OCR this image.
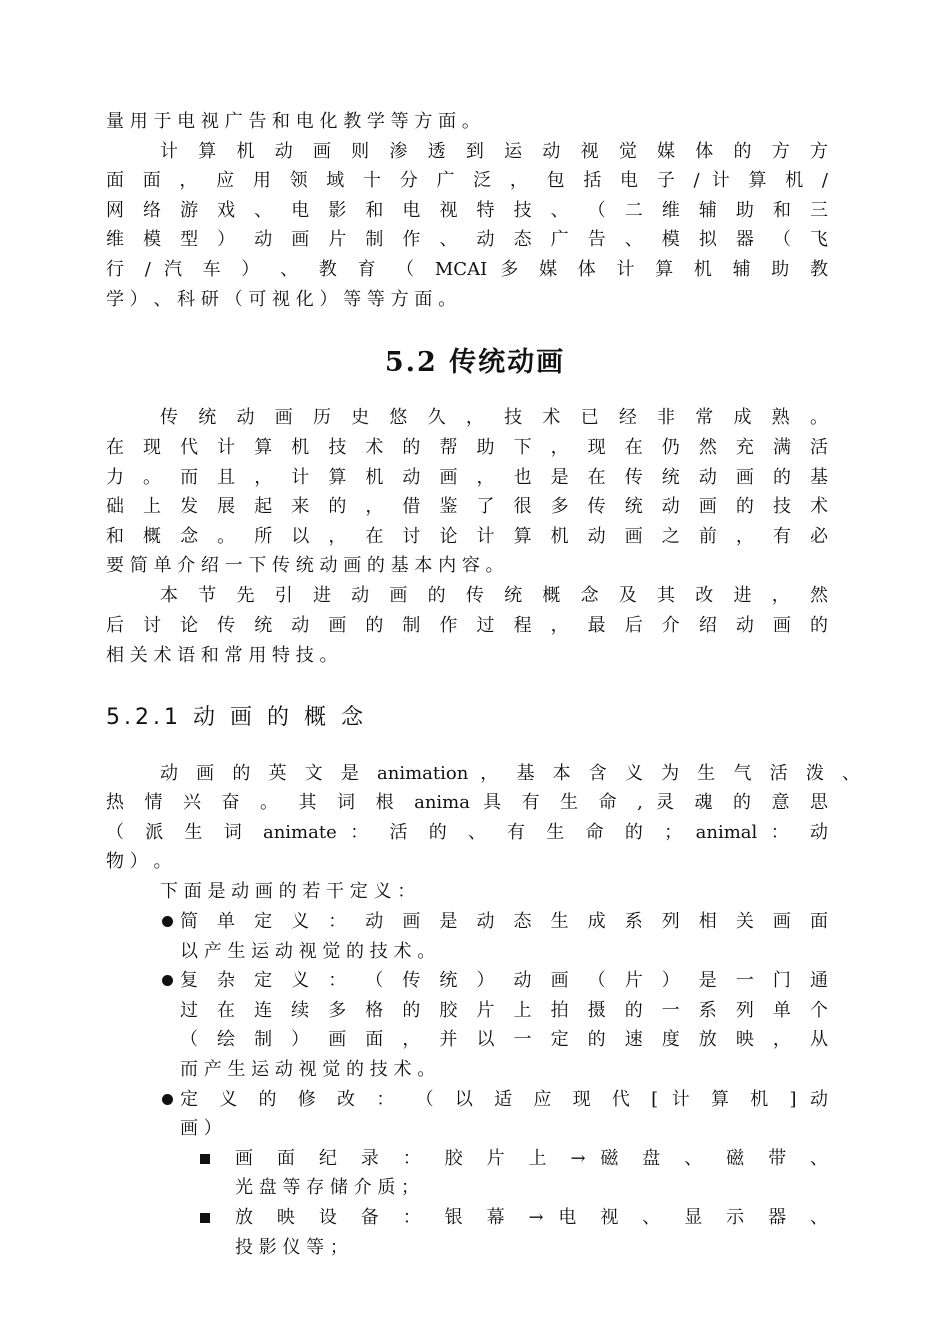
量 用 于 电 视 广 告 和 电 化 教 学 等 方 面 。
计 算 机 动 画 则 渗 透 到 运 动 视 觉 媒 体 的 方 方
面 面 ， 应 用 领 域 十 分 广 泛 ， 包 括 电 子 / 计 算 机 /
网 络 游 戏 、 电 影 和 电 视 特 技 、 （ 二 维 辅 助 和 三
维 模 型 ） 动 画 片 制 作 、 动 态 广 告 、 模 拟 器 （ 飞
行 / 汽 车 ） 、 教 育 （ MCAI 多 媒 体 计 算 机 辅 助 教
学 ） 、 科 研 （ 可 视 化 ） 等 等 方 面 。
5.2 传统动画
传 统 动 画 历 史 悠 久 ， 技 术 已 经 非 常 成 熟 。
在 现 代 计 算 机 技 术 的 帮 助 下 ， 现 在 仍 然 充 满 活
力 。 而 且 ， 计 算 机 动 画 ， 也 是 在 传 统 动 画 的 基
础 上 发 展 起 来 的 ， 借 鉴 了 很 多 传 统 动 画 的 技 术
和 概 念 。 所 以 ， 在 讨 论 计 算 机 动 画 之 前 ， 有 必
要 简 单 介 绍 一 下 传 统 动 画 的 基 本 内 容 。
本 节 先 引 进 动 画 的 传 统 概 念 及 其 改 进 ， 然
后 讨 论 传 统 动 画 的 制 作 过 程 ， 最 后 介 绍 动 画 的
相 关 术 语 和 常 用 特 技 。
5.2.1 动 画 的 概 念
动 画 的 英 文 是 animation ， 基 本 含 义 为 生 气 活 泼 、
热 情 兴 奋 。 其 词 根 anima 具 有 生 命 , 灵 魂 的 意 思
（ 派 生 词 animate ： 活 的 、 有 生 命 的 ； animal ： 动
物 ） 。
下 面 是 动 画 的 若 干 定 义 ：
简 单 定 义 ： 动 画 是 动 态 生 成 系 列 相 关 画 面
以 产 生 运 动 视 觉 的 技 术 。
复 杂 定 义 ： （ 传 统 ） 动 画 （ 片 ） 是 一 门 通
过 在 连 续 多 格 的 胶 片 上 拍 摄 的 一 系 列 单 个
（ 绘 制 ） 画 面 ， 并 以 一 定 的 速 度 放 映 ， 从
而 产 生 运 动 视 觉 的 技 术 。
定 义 的 修 改 ： （ 以 适 应 现 代 [ 计 算 机 ] 动
画 ）
画 面 纪 录 ： 胶 片 上 → 磁 盘 、 磁 带 、
光 盘 等 存 储 介 质 ；
放 映 设 备 ： 银 幕 → 电 视 、 显 示 器 、
投 影 仪 等 ；
